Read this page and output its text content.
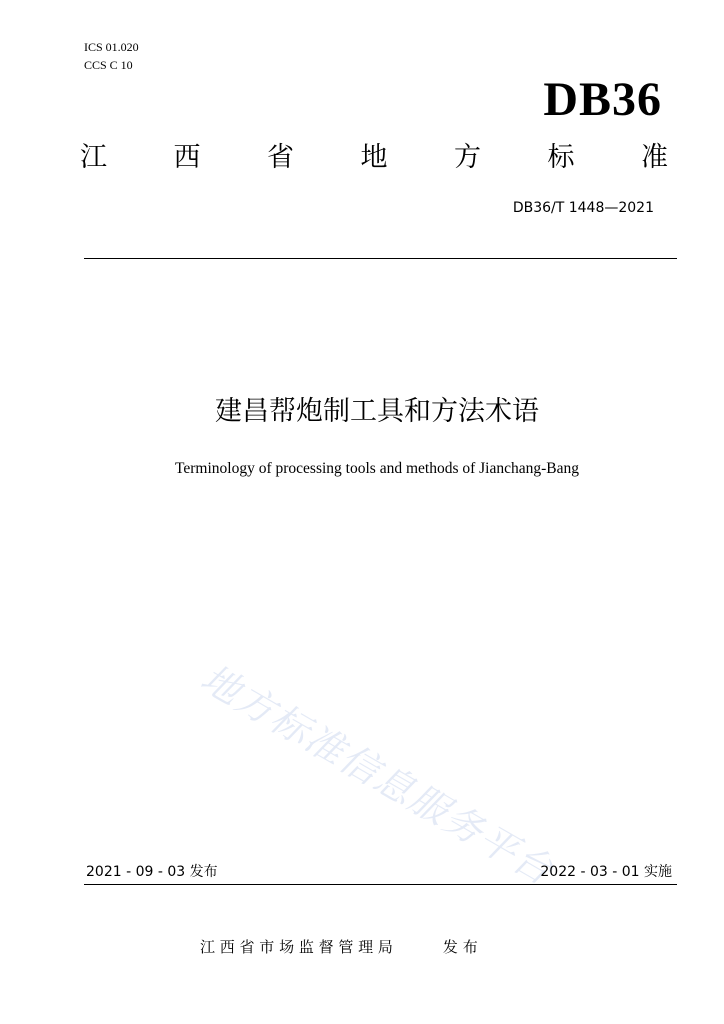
ICS 01.020
CCS C 10
DB36
江 西 省 地 方 标 准
DB36/T 1448—2021
建昌帮炮制工具和方法术语
Terminology of processing tools and methods of Jianchang-Bang
地方标准信息服务平台
2021 - 09 - 03 发布	2022 - 03 - 01 实施
江 西 省 市 场 监 督 管 理 局	发 布
